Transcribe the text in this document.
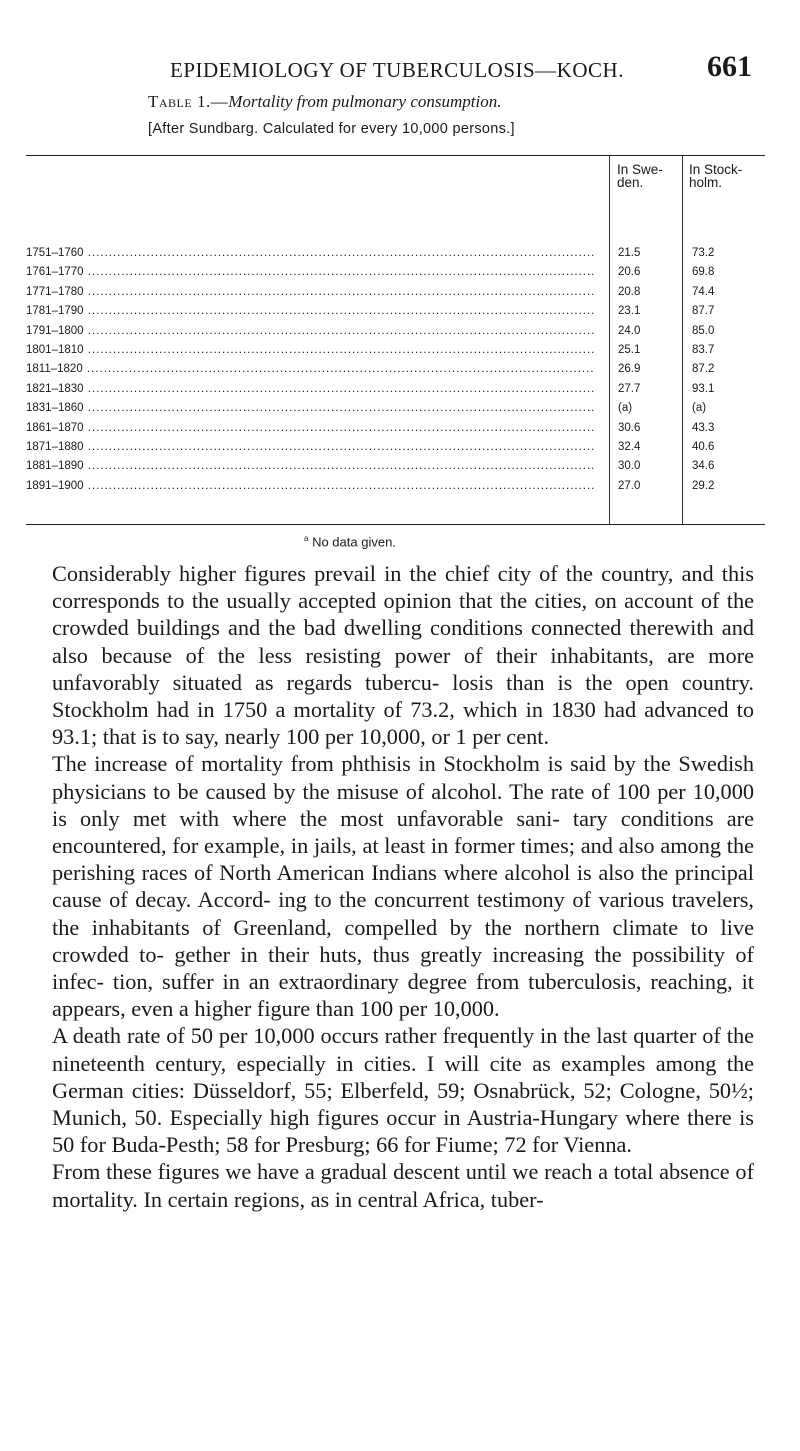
EPIDEMIOLOGY OF TUBERCULOSIS—KOCH.	661
Table 1.—Mortality from pulmonary consumption.
[After Sundbarg. Calculated for every 10,000 persons.]
In Swe- den.
In Stock- holm.
1751–1760 .....	21.5	73.2
1761–1770 .....	20.6	69.8
1771–1780 .....	20.8	74.4
1781–1790 .....	23.1	87.7
1791–1800 .....	24.0	85.0
1801–1810 .....	25.1	83.7
1811–1820 .....	26.9	87.2
1821–1830 .....	27.7	93.1
1831–1860 .....	(a)	(a)
1861–1870 .....	30.6	43.3
1871–1880 .....	32.4	40.6
1881–1890 .....	30.0	34.6
1891–1900 .....	27.0	29.2
$^a$ No data given.

Considerably higher figures prevail in the chief city of the country, and this corresponds to the usually accepted opinion that the cities, on account of the crowded buildings and the bad dwelling conditions connected therewith and also because of the less resisting power of their inhabitants, are more unfavorably situated as regards tubercu- losis than is the open country. Stockholm had in 1750 a mortality of 73.2, which in 1830 had advanced to 93.1; that is to say, nearly 100 per 10,000, or 1 per cent.

The increase of mortality from phthisis in Stockholm is said by the Swedish physicians to be caused by the misuse of alcohol. The rate of 100 per 10,000 is only met with where the most unfavorable sani- tary conditions are encountered, for example, in jails, at least in former times; and also among the perishing races of North American Indians where alcohol is also the principal cause of decay. Accord- ing to the concurrent testimony of various travelers, the inhabitants of Greenland, compelled by the northern climate to live crowded to- gether in their huts, thus greatly increasing the possibility of infec- tion, suffer in an extraordinary degree from tuberculosis, reaching, it appears, even a higher figure than 100 per 10,000.

A death rate of 50 per 10,000 occurs rather frequently in the last quarter of the nineteenth century, especially in cities. I will cite as examples among the German cities: Düsseldorf, 55; Elberfeld, 59; Osnabrück, 52; Cologne, 50½; Munich, 50. Especially high figures occur in Austria-Hungary where there is 50 for Buda-Pesth; 58 for Presburg; 66 for Fiume; 72 for Vienna.

From these figures we have a gradual descent until we reach a total absence of mortality. In certain regions, as in central Africa, tuber-
